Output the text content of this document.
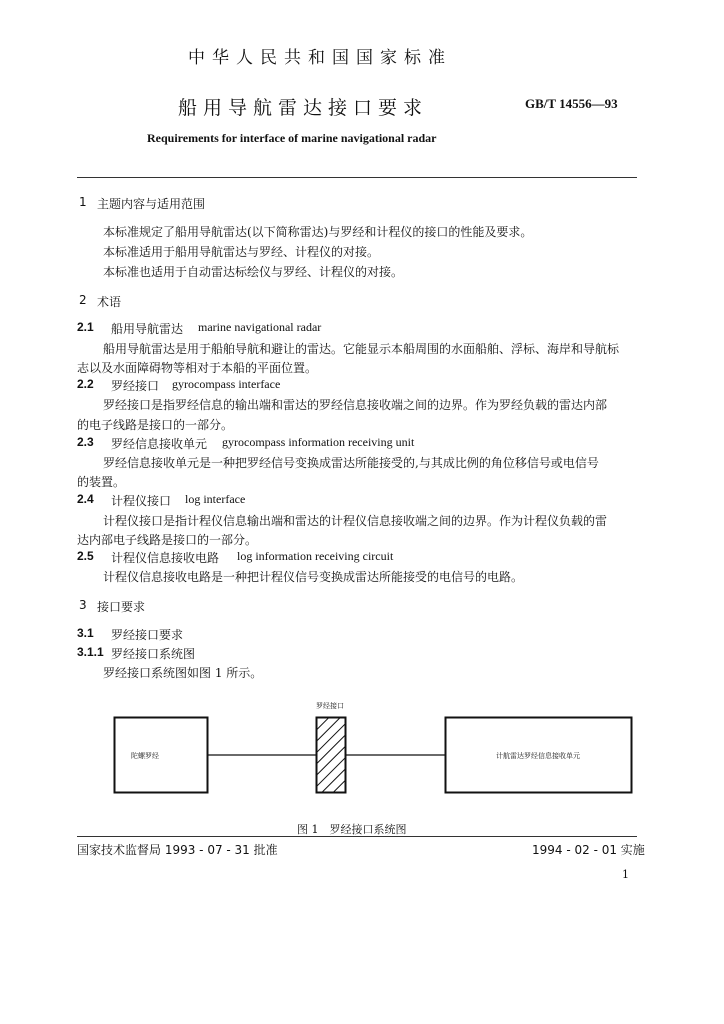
中华人民共和国国家标准
船用导航雷达接口要求	GB/T 14556—93
Requirements for interface of marine navigational radar
1 主题内容与适用范围
本标准规定了船用导航雷达(以下简称雷达)与罗经和计程仪的接口的性能及要求。
本标准适用于船用导航雷达与罗经、计程仪的对接。
本标准也适用于自动雷达标绘仪与罗经、计程仪的对接。
2 术语
2.1 船用导航雷达 marine navigational radar
船用导航雷达是用于船舶导航和避让的雷达。它能显示本船周围的水面船舶、浮标、海岸和导航标
志以及水面障碍物等相对于本船的平面位置。
2.2 罗经接口 gyrocompass interface
罗经接口是指罗经信息的输出端和雷达的罗经信息接收端之间的边界。作为罗经负载的雷达内部
的电子线路是接口的一部分。
2.3 罗经信息接收单元 gyrocompass information receiving unit
罗经信息接收单元是一种把罗经信号变换成雷达所能接受的,与其成比例的角位移信号或电信号
的装置。
2.4 计程仪接口 log interface
计程仪接口是指计程仪信息输出端和雷达的计程仪信息接收端之间的边界。作为计程仪负载的雷
达内部电子线路是接口的一部分。
2.5 计程仪信息接收电路 log information receiving circuit
计程仪信息接收电路是一种把计程仪信号变换成雷达所能接受的电信号的电路。
3 接口要求
3.1 罗经接口要求
3.1.1 罗经接口系统图
罗经接口系统图如图 1 所示。
罗经接口
陀螺罗经	计航雷达罗经信息接收单元
图 1　罗经接口系统图
国家技术监督局 1993 - 07 - 31 批准	1994 - 02 - 01 实施
1
